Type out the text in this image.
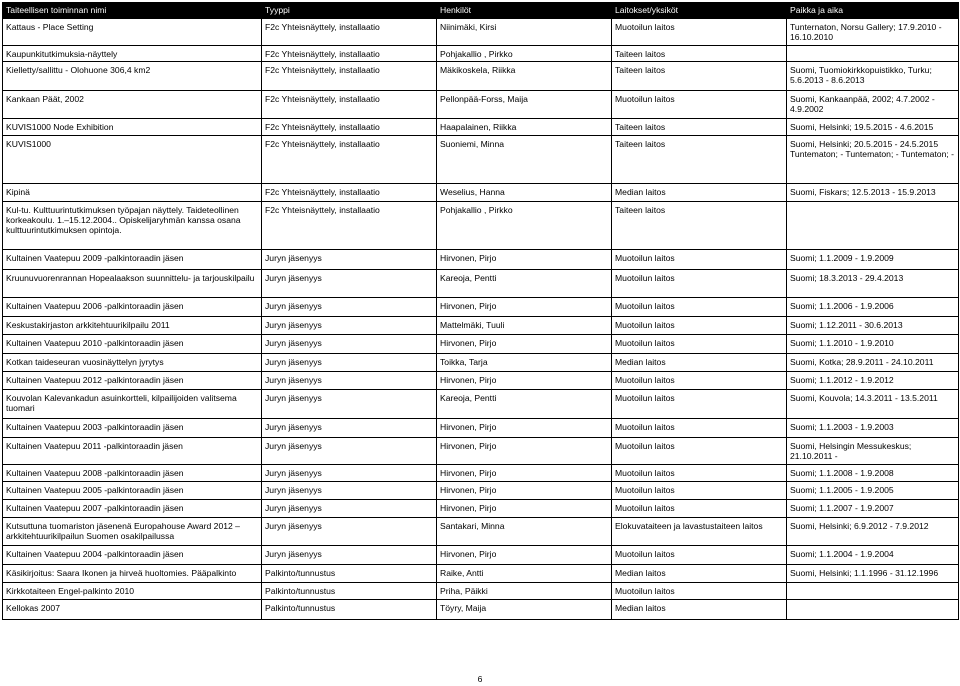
Taiteellisen toiminnan nimi	Tyyppi	Henkilöt	Laitokset/yksiköt	Paikka ja aika
Kattaus - Place Setting	F2c Yhteisnäyttely, installaatio	Niinimäki, Kirsi	Muotoilun laitos	Tunternaton, Norsu Gallery; 17.9.2010 - 16.10.2010
Kaupunkitutkimuksia-näyttely	F2c Yhteisnäyttely, installaatio	Pohjakallio , Pirkko	Taiteen laitos	
Kielletty/sallittu - Olohuone 306,4 km2	F2c Yhteisnäyttely, installaatio	Mäkikoskela, Riikka	Taiteen laitos	Suomi, Tuomiokirkkopuistikko, Turku; 5.6.2013 - 8.6.2013
Kankaan Päät, 2002	F2c Yhteisnäyttely, installaatio	Pellonpää-Forss, Maija	Muotoilun laitos	Suomi, Kankaanpää, 2002; 4.7.2002 - 4.9.2002
KUVIS1000 Node Exhibition	F2c Yhteisnäyttely, installaatio	Haapalainen, Riikka	Taiteen laitos	Suomi, Helsinki; 19.5.2015 - 4.6.2015
KUVIS1000	F2c Yhteisnäyttely, installaatio	Suoniemi, Minna	Taiteen laitos	Suomi, Helsinki; 20.5.2015 - 24.5.2015 Tuntematon; - Tuntematon; - Tuntematon; -
Kipinä	F2c Yhteisnäyttely, installaatio	Weselius, Hanna	Median laitos	Suomi, Fiskars; 12.5.2013 - 15.9.2013
Kul-tu. Kulttuurintutkimuksen työpajan näyttely. Taideteollinen korkeakoulu. 1.–15.12.2004.. Opiskelijaryhmän kanssa osana kulttuurintutkimuksen opintoja.	F2c Yhteisnäyttely, installaatio	Pohjakallio , Pirkko	Taiteen laitos	
Kultainen Vaatepuu 2009 -palkintoraadin jäsen	Juryn jäsenyys	Hirvonen, Pirjo	Muotoilun laitos	Suomi; 1.1.2009 - 1.9.2009
Kruunuvuorenrannan Hopealaakson suunnittelu- ja tarjouskilpailu	Juryn jäsenyys	Kareoja, Pentti	Muotoilun laitos	Suomi; 18.3.2013 - 29.4.2013
Kultainen Vaatepuu 2006 -palkintoraadin jäsen	Juryn jäsenyys	Hirvonen, Pirjo	Muotoilun laitos	Suomi; 1.1.2006 - 1.9.2006
Keskustakirjaston arkkitehtuurikilpailu 2011	Juryn jäsenyys	Mattelmäki, Tuuli	Muotoilun laitos	Suomi; 1.12.2011 - 30.6.2013
Kultainen Vaatepuu 2010 -palkintoraadin jäsen	Juryn jäsenyys	Hirvonen, Pirjo	Muotoilun laitos	Suomi; 1.1.2010 - 1.9.2010
Kotkan taideseuran vuosinäyttelyn jyrytys	Juryn jäsenyys	Toikka, Tarja	Median laitos	Suomi, Kotka; 28.9.2011 - 24.10.2011
Kultainen Vaatepuu 2012 -palkintoraadin jäsen	Juryn jäsenyys	Hirvonen, Pirjo	Muotoilun laitos	Suomi; 1.1.2012 - 1.9.2012
Kouvolan Kalevankadun asuinkortteli, kilpailijoiden valitsema tuomari	Juryn jäsenyys	Kareoja, Pentti	Muotoilun laitos	Suomi, Kouvola; 14.3.2011 - 13.5.2011
Kultainen Vaatepuu 2003 -palkintoraadin jäsen	Juryn jäsenyys	Hirvonen, Pirjo	Muotoilun laitos	Suomi; 1.1.2003 - 1.9.2003
Kultainen Vaatepuu 2011 -palkintoraadin jäsen	Juryn jäsenyys	Hirvonen, Pirjo	Muotoilun laitos	Suomi, Helsingin Messukeskus; 21.10.2011 -
Kultainen Vaatepuu 2008 -palkintoraadin jäsen	Juryn jäsenyys	Hirvonen, Pirjo	Muotoilun laitos	Suomi; 1.1.2008 - 1.9.2008
Kultainen Vaatepuu 2005 -palkintoraadin jäsen	Juryn jäsenyys	Hirvonen, Pirjo	Muotoilun laitos	Suomi; 1.1.2005 - 1.9.2005
Kultainen Vaatepuu 2007 -palkintoraadin jäsen	Juryn jäsenyys	Hirvonen, Pirjo	Muotoilun laitos	Suomi; 1.1.2007 - 1.9.2007
Kutsuttuna tuomariston jäsenenä Europahouse Award 2012 –arkkitehtuurikilpailun Suomen osakilpailussa	Juryn jäsenyys	Santakari, Minna	Elokuvataiteen ja lavastustaiteen laitos	Suomi, Helsinki; 6.9.2012 - 7.9.2012
Kultainen Vaatepuu 2004 -palkintoraadin jäsen	Juryn jäsenyys	Hirvonen, Pirjo	Muotoilun laitos	Suomi; 1.1.2004 - 1.9.2004
Käsikirjoitus: Saara Ikonen ja hirveä huoltomies. Pääpalkinto	Palkinto/tunnustus	Raike, Antti	Median laitos	Suomi, Helsinki; 1.1.1996 - 31.12.1996
Kirkkotaiteen Engel-palkinto 2010	Palkinto/tunnustus	Priha, Päikki	Muotoilun laitos	
Kellokas 2007	Palkinto/tunnustus	Töyry, Maija	Median laitos	
6
